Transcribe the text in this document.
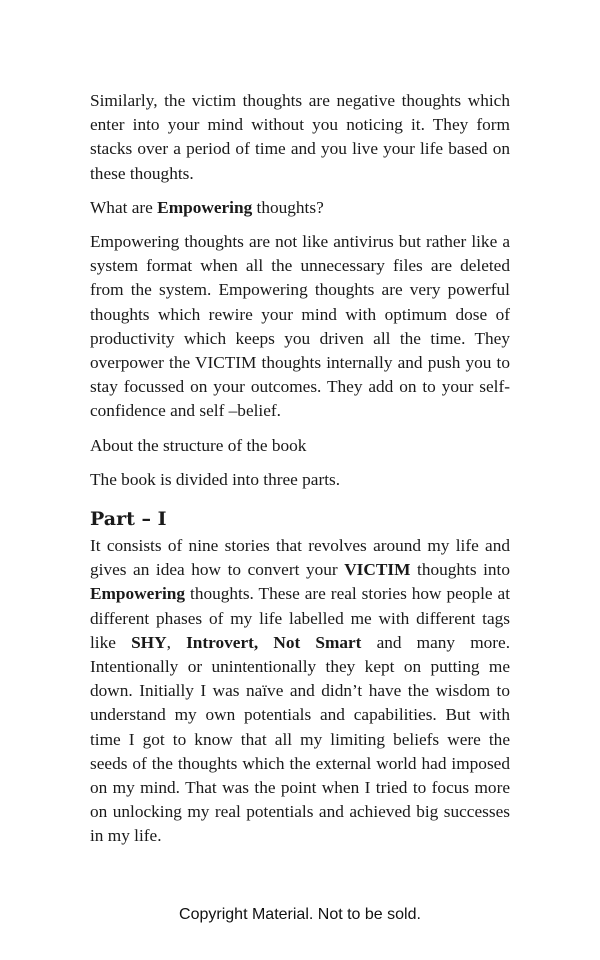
Similarly, the victim thoughts are negative thoughts which enter into your mind without you noticing it. They form stacks over a period of time and you live your life based on these thoughts.

What are Empowering thoughts?

Empowering thoughts are not like antivirus but rather like a system format when all the unnecessary files are deleted from the system. Empowering thoughts are very powerful thoughts which rewire your mind with optimum dose of productivity which keeps you driven all the time. They overpower the VICTIM thoughts internally and push you to stay focussed on your outcomes. They add on to your self-confidence and self –belief.

About the structure of the book

The book is divided into three parts.

Part – I

It consists of nine stories that revolves around my life and gives an idea how to convert your VICTIM thoughts into Empowering thoughts. These are real stories how people at different phases of my life labelled me with different tags like SHY, Introvert, Not Smart and many more. Intentionally or unintentionally they kept on putting me down. Initially I was naïve and didn’t have the wisdom to understand my own potentials and capabilities. But with time I got to know that all my limiting beliefs were the seeds of the thoughts which the external world had imposed on my mind. That was the point when I tried to focus more on unlocking my real potentials and achieved big successes in my life.

Copyright Material. Not to be sold.
